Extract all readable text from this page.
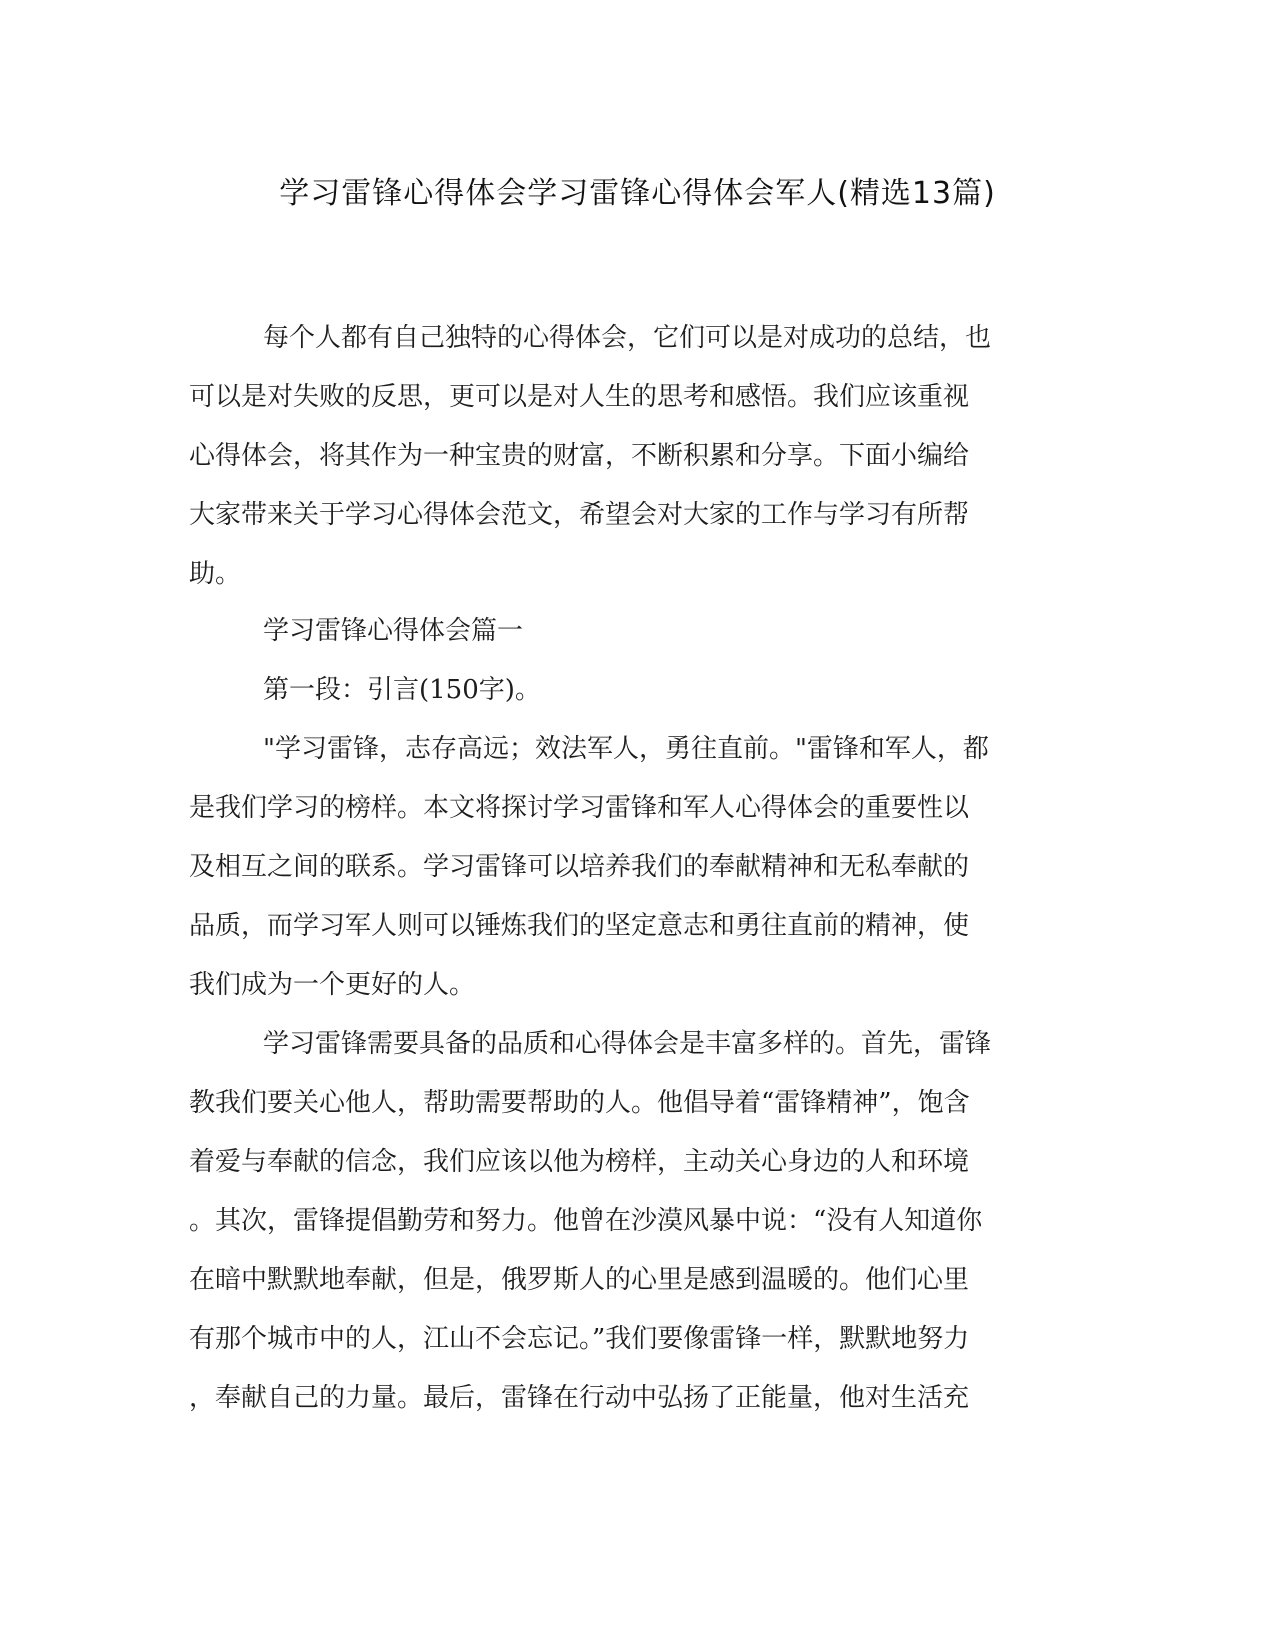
学习雷锋心得体会学习雷锋心得体会军人(精选13篇)
每个人都有自己独特的心得体会，它们可以是对成功的总结，也
可以是对失败的反思，更可以是对人生的思考和感悟。我们应该重视
心得体会，将其作为一种宝贵的财富，不断积累和分享。下面小编给
大家带来关于学习心得体会范文，希望会对大家的工作与学习有所帮
助。
学习雷锋心得体会篇一
第一段：引言(150字)。
"学习雷锋，志存高远；效法军人，勇往直前。"雷锋和军人，都
是我们学习的榜样。本文将探讨学习雷锋和军人心得体会的重要性以
及相互之间的联系。学习雷锋可以培养我们的奉献精神和无私奉献的
品质，而学习军人则可以锤炼我们的坚定意志和勇往直前的精神，使
我们成为一个更好的人。
学习雷锋需要具备的品质和心得体会是丰富多样的。首先，雷锋
教我们要关心他人，帮助需要帮助的人。他倡导着“雷锋精神”，饱含
着爱与奉献的信念，我们应该以他为榜样，主动关心身边的人和环境
。其次，雷锋提倡勤劳和努力。他曾在沙漠风暴中说：“没有人知道你
在暗中默默地奉献，但是，俄罗斯人的心里是感到温暖的。他们心里
有那个城市中的人，江山不会忘记。”我们要像雷锋一样，默默地努力
，奉献自己的力量。最后，雷锋在行动中弘扬了正能量，他对生活充
